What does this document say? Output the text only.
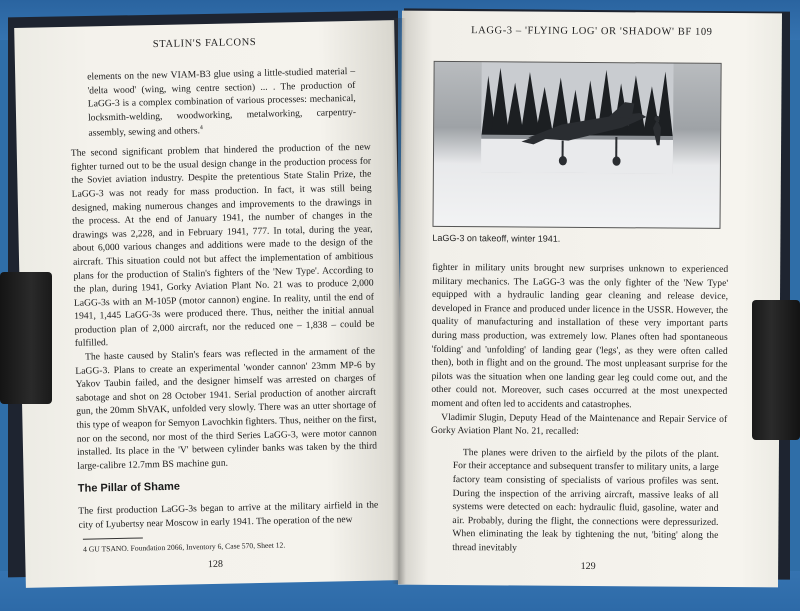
STALIN'S FALCONS

elements on the new VIAM-B3 glue using a little-studied material – 'delta wood' (wing, wing centre section) ... . The production of LaGG-3 is a complex combination of various processes: mechanical, locksmith-welding, woodworking, metalworking, carpentry-assembly, sewing and others.$^4$

The second significant problem that hindered the production of the new fighter turned out to be the usual design change in the production process for the Soviet aviation industry. Despite the pretentious State Stalin Prize, the LaGG-3 was not ready for mass production. In fact, it was still being designed, making numerous changes and improvements to the drawings in the process. At the end of January 1941, the number of changes in the drawings was 2,228, and in February 1941, 777. In total, during the year, about 6,000 various changes and additions were made to the design of the aircraft. This situation could not but affect the implementation of ambitious plans for the production of Stalin's fighters of the 'New Type'. According to the plan, during 1941, Gorky Aviation Plant No. 21 was to produce 2,000 LaGG-3s with an M-105P (motor cannon) engine. In reality, until the end of 1941, 1,445 LaGG-3s were produced there. Thus, neither the initial annual production plan of 2,000 aircraft, nor the reduced one – 1,838 – could be fulfilled.

The haste caused by Stalin's fears was reflected in the armament of the LaGG-3. Plans to create an experimental 'wonder cannon' 23mm MP-6 by Yakov Taubin failed, and the designer himself was arrested on charges of sabotage and shot on 28 October 1941. Serial production of another aircraft gun, the 20mm ShVAK, unfolded very slowly. There was an utter shortage of this type of weapon for Semyon Lavochkin fighters. Thus, neither on the first, nor on the second, nor most of the third Series LaGG-3, were motor cannon installed. Its place in the 'V' between cylinder banks was taken by the third large-calibre 12.7mm BS machine gun.

The Pillar of Shame

The first production LaGG-3s began to arrive at the military airfield in the city of Lyubertsy near Moscow in early 1941. The operation of the new

4 GU TSANO. Foundation 2066, Inventory 6, Case 570, Sheet 12.
128
LAGG-3 – 'FLYING LOG' OR 'SHADOW' BF 109
LaGG-3 on takeoff, winter 1941.

fighter in military units brought new surprises unknown to experienced military mechanics. The LaGG-3 was the only fighter of the 'New Type' equipped with a hydraulic landing gear cleaning and release device, developed in France and produced under licence in the USSR. However, the quality of manufacturing and installation of these very important parts during mass production, was extremely low. Planes often had spontaneous 'folding' and 'unfolding' of landing gear ('legs', as they were often called then), both in flight and on the ground. The most unpleasant surprise for the pilots was the situation when one landing gear leg could come out, and the other could not. Moreover, such cases occurred at the most unexpected moment and often led to accidents and catastrophes.

Vladimir Slugin, Deputy Head of the Maintenance and Repair Service of Gorky Aviation Plant No. 21, recalled:

The planes were driven to the airfield by the pilots of the plant. For their acceptance and subsequent transfer to military units, a large factory team consisting of specialists of various profiles was sent. During the inspection of the arriving aircraft, massive leaks of all systems were detected on each: hydraulic fluid, gasoline, water and air. Probably, during the flight, the connections were depressurized. When eliminating the leak by tightening the nut, 'biting' along the thread inevitably

129
